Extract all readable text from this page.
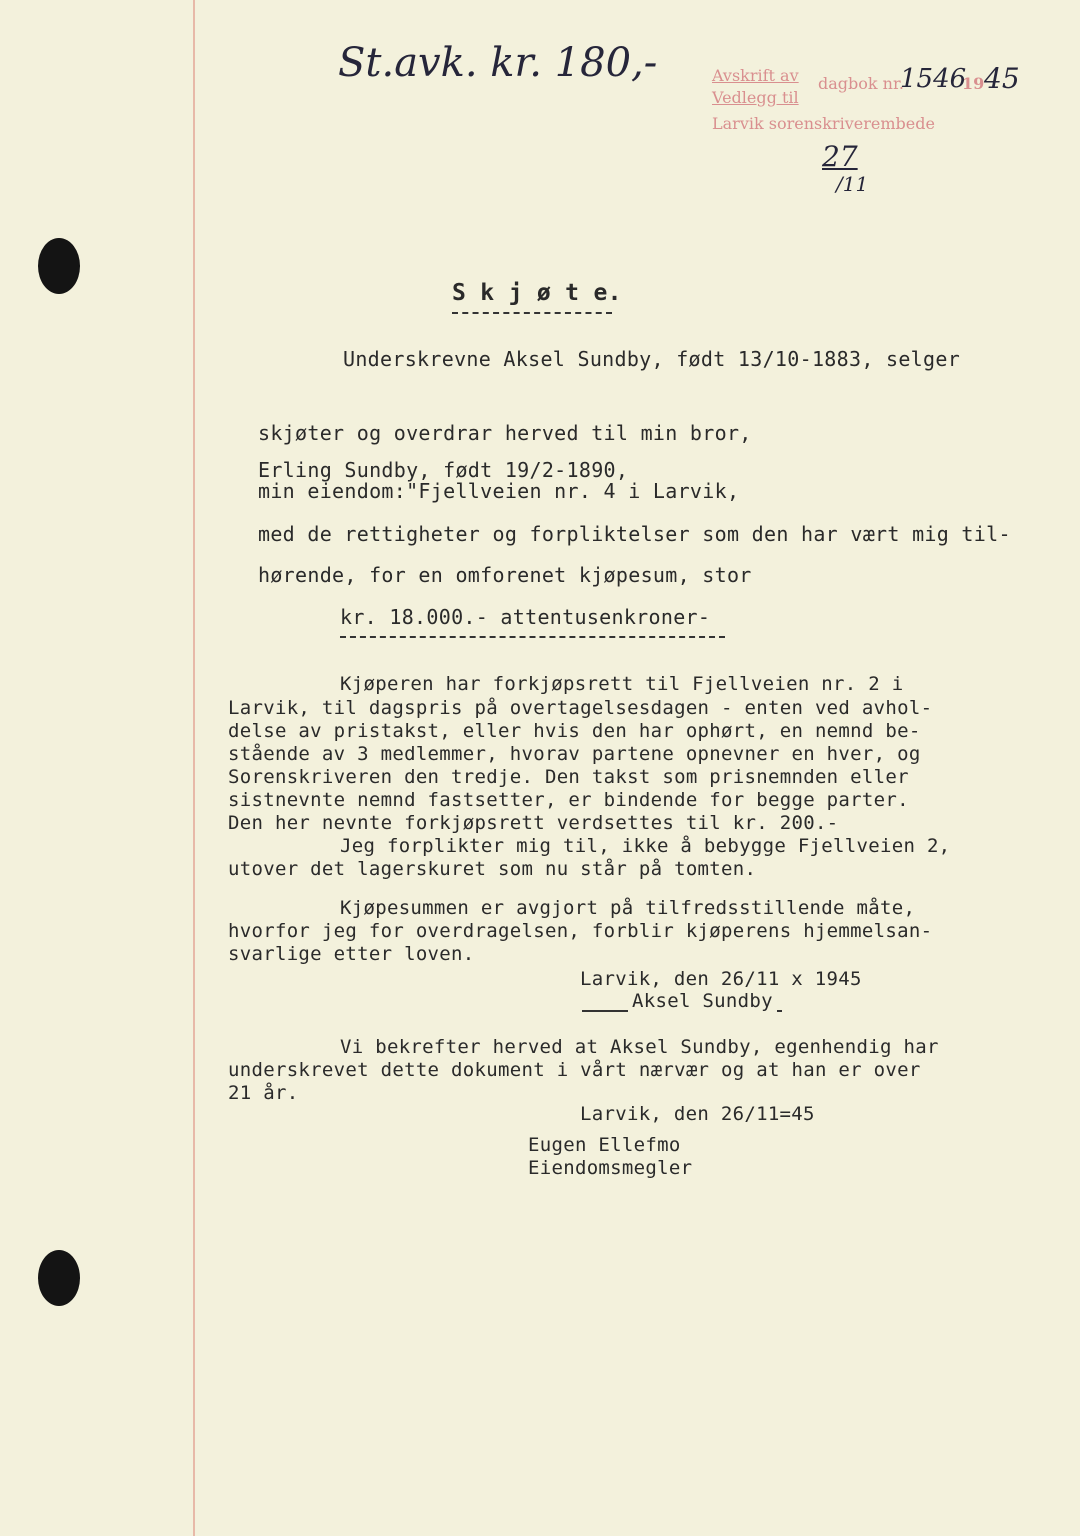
St.avk. kr. 180,-	Avskrift av
Vedlegg til
dagbok nr.
1546
19 45
Larvik sorenskriverembede
27
/11
S k j ø t e.
Underskrevne Aksel Sundby, født 13/10-1883, selger
skjøter og overdrar herved til min bror,
Erling Sundby, født 19/2-1890,
min eiendom:"Fjellveien nr. 4 i Larvik,
med de rettigheter og forpliktelser som den har vært mig til-
hørende, for en omforenet kjøpesum, stor
kr. 18.000.- attentusenkroner-
Kjøperen har forkjøpsrett til Fjellveien nr. 2 i
Larvik, til dagspris på overtagelsesdagen - enten ved avhol-
delse av pristakst, eller hvis den har ophørt, en nemnd be-
stående av 3 medlemmer, hvorav partene opnevner en hver, og
Sorenskriveren den tredje. Den takst som prisnemnden eller
sistnevnte nemnd fastsetter, er bindende for begge parter.
Den her nevnte forkjøpsrett verdsettes til kr. 200.-
Jeg forplikter mig til, ikke å bebygge Fjellveien 2,
utover det lagerskuret som nu står på tomten.
Kjøpesummen er avgjort på tilfredsstillende måte,
hvorfor jeg for overdragelsen, forblir kjøperens hjemmelsan-
svarlige etter loven.
Larvik, den 26/11 x 1945
Aksel Sundby
Vi bekrefter herved at Aksel Sundby, egenhendig har
underskrevet dette dokument i vårt nærvær og at han er over
21 år.
Larvik, den 26/11=45
Eugen Ellefmo
Eiendomsmegler
